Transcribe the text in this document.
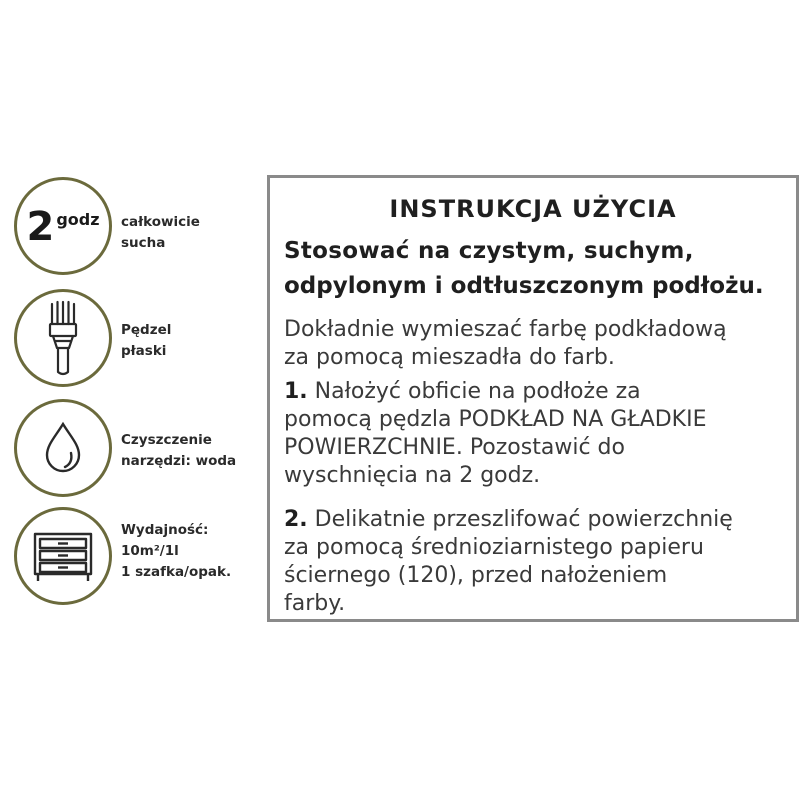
2 godz całkowicie
sucha
Pędzel
płaski
Czyszczenie
narzędzi: woda
Wydajność:
10m²/1l
1 szafka/opak.
INSTRUKCJA UŻYCIA
Stosować na czystym, suchym,
odpylonym i odtłuszczonym podłożu.
Dokładnie wymieszać farbę podkładową
za pomocą mieszadła do farb.
1. Nałożyć obficie na podłoże za
pomocą pędzla PODKŁAD NA GŁADKIE
POWIERZCHNIE. Pozostawić do
wyschnięcia na 2 godz.
2. Delikatnie przeszlifować powierzchnię
za pomocą średnioziarnistego papieru
ściernego (120), przed nałożeniem
farby.
